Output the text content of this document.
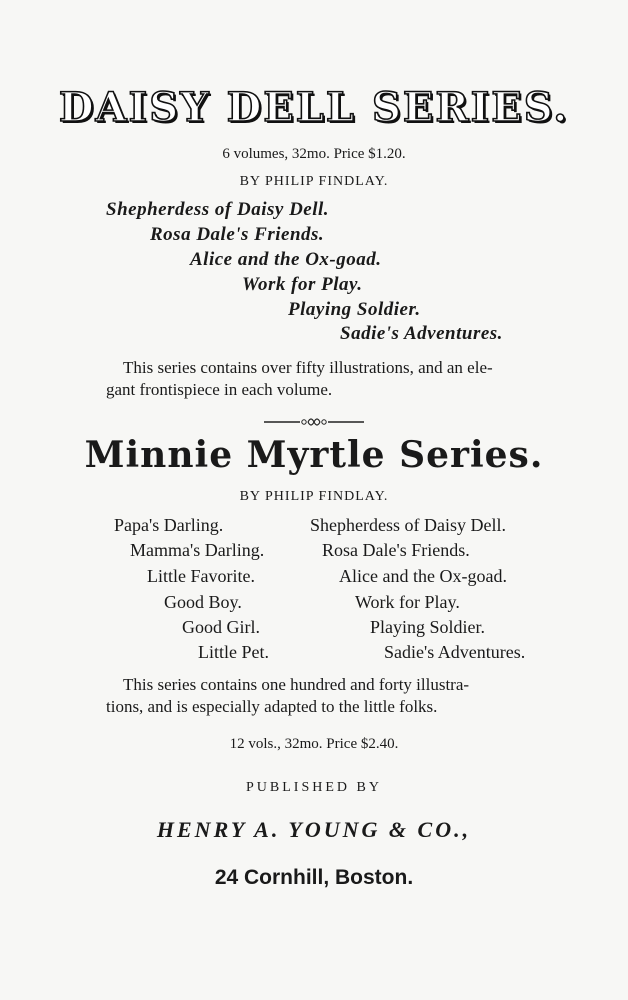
DAISY DELL SERIES.
6 volumes, 32mo. Price $1.20.
BY PHILIP FINDLAY.
Shepherdess of Daisy Dell.
Rosa Dale's Friends.
Alice and the Ox-goad.
Work for Play.
Playing Soldier.
Sadie's Adventures.
This series contains over fifty illustrations, and an ele-
gant frontispiece in each volume.
Minnie Myrtle Series.
BY PHILIP FINDLAY.
Papa's Darling.
Mamma's Darling.
Little Favorite.
Good Boy.
Good Girl.
Little Pet.
Shepherdess of Daisy Dell.
Rosa Dale's Friends.
Alice and the Ox-goad.
Work for Play.
Playing Soldier.
Sadie's Adventures.
This series contains one hundred and forty illustra-
tions, and is especially adapted to the little folks.
12 vols., 32mo. Price $2.40.
PUBLISHED BY
HENRY A. YOUNG & CO.,
24 Cornhill, Boston.
